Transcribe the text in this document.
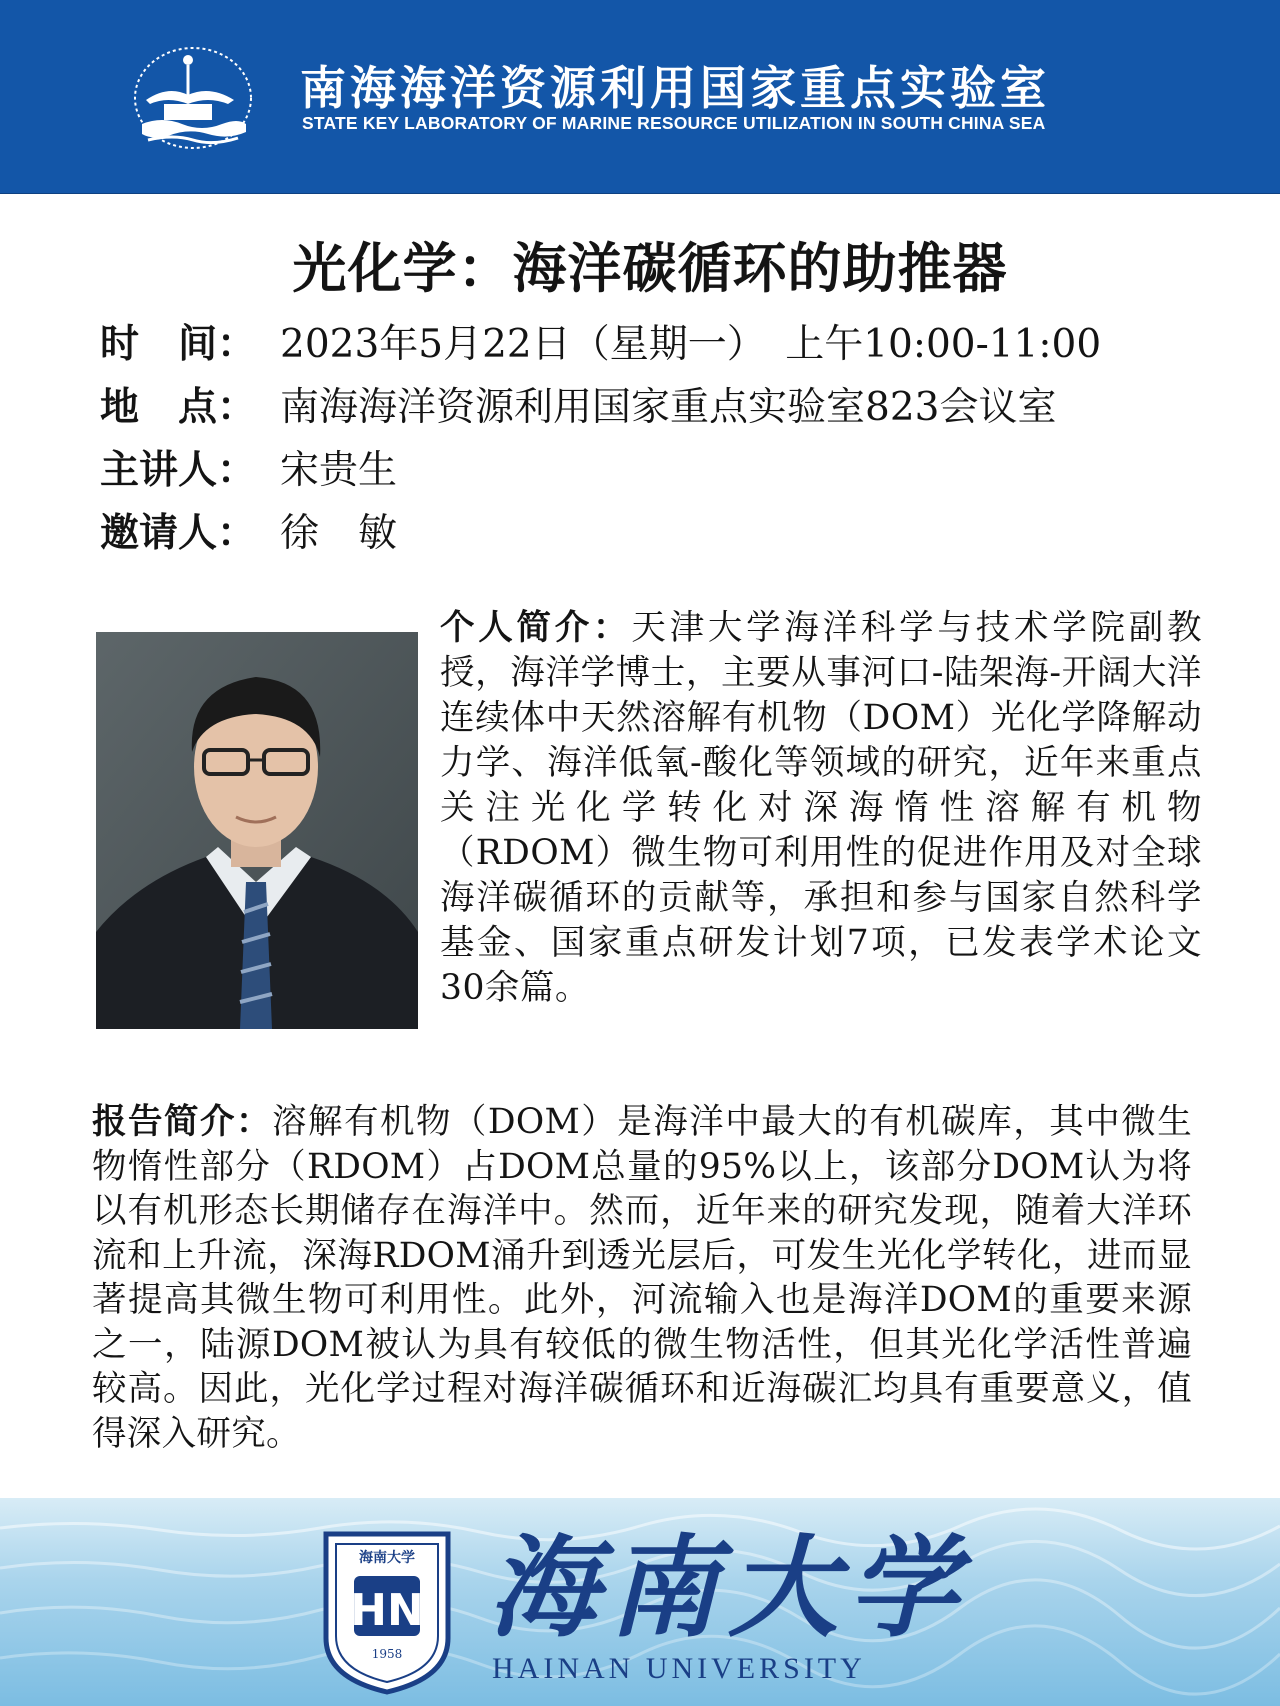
南海海洋资源利用国家重点实验室
STATE KEY LABORATORY OF MARINE RESOURCE UTILIZATION IN SOUTH CHINA SEA
光化学：海洋碳循环的助推器
时　间： 2023年5月22日（星期一）　上午10:00-11:00
地　点： 南海海洋资源利用国家重点实验室823会议室
主讲人： 宋贵生
邀请人： 徐　敏
个人简介：天津大学海洋科学与技术学院副教授，海洋学博士，主要从事河口-陆架海-开阔大洋连续体中天然溶解有机物（DOM）光化学降解动力学、海洋低氧-酸化等领域的研究，近年来重点关注光化学转化对深海惰性溶解有机物（RDOM）微生物可利用性的促进作用及对全球海洋碳循环的贡献等，承担和参与国家自然科学基金、国家重点研发计划7项，已发表学术论文30余篇。
报告简介：溶解有机物（DOM）是海洋中最大的有机碳库，其中微生物惰性部分（RDOM）占DOM总量的95%以上，该部分DOM认为将以有机形态长期储存在海洋中。然而，近年来的研究发现，随着大洋环流和上升流，深海RDOM涌升到透光层后，可发生光化学转化，进而显著提高其微生物可利用性。此外，河流输入也是海洋DOM的重要来源之一，陆源DOM被认为具有较低的微生物活性，但其光化学活性普遍较高。因此，光化学过程对海洋碳循环和近海碳汇均具有重要意义，值得深入研究。
海南大学
HN
1958
海南大学
HAINAN UNIVERSITY
